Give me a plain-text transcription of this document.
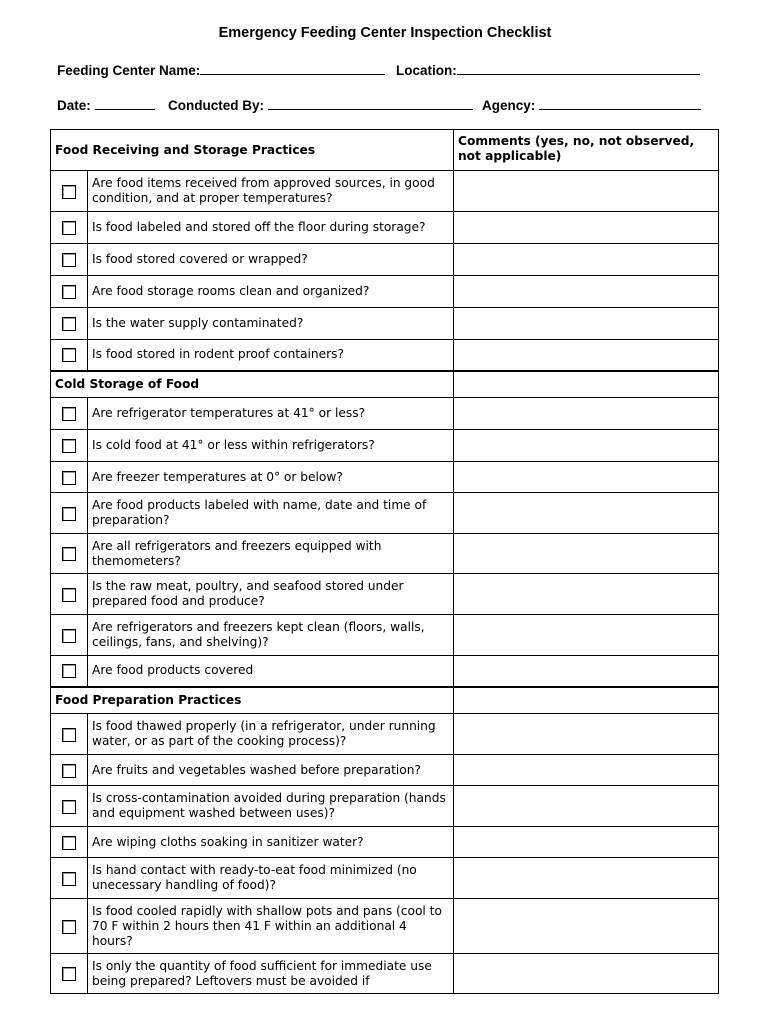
Emergency Feeding Center Inspection Checklist
Feeding Center Name:	Location:
Date:	Conducted By:	Agency:
Food Receiving and Storage Practices		Comments (yes, no, not observed, not applicable)
	Are food items received from approved sources, in good condition, and at proper temperatures?	
	Is food labeled and stored off the floor during storage?	
	Is food stored covered or wrapped?	
	Are food storage rooms clean and organized?	
	Is the water supply contaminated?	
	Is food stored in rodent proof containers?	
Cold Storage of Food		
	Are refrigerator temperatures at 41° or less?	
	Is cold food at 41° or less within refrigerators?	
	Are freezer temperatures at 0° or below?	
	Are food products labeled with name, date and time of preparation?	
	Are all refrigerators and freezers equipped with themometers?	
	Is the raw meat, poultry, and seafood stored under prepared food and produce?	
	Are refrigerators and freezers kept clean (floors, walls, ceilings, fans, and shelving)?	
	Are food products covered	
Food Preparation Practices		
	Is food thawed properly (in a refrigerator, under running water, or as part of the cooking process)?	
	Are fruits and vegetables washed before preparation?	
	Is cross-contamination avoided during preparation (hands and equipment washed between uses)?	
	Are wiping cloths soaking in sanitizer water?	
	Is hand contact with ready-to-eat food minimized (no unecessary handling of food)?	
	Is food cooled rapidly with shallow pots and pans (cool to 70 F within 2 hours then 41 F within an additional 4 hours?	
	Is only the quantity of food sufficient for immediate use being prepared? Leftovers must be avoided if	
